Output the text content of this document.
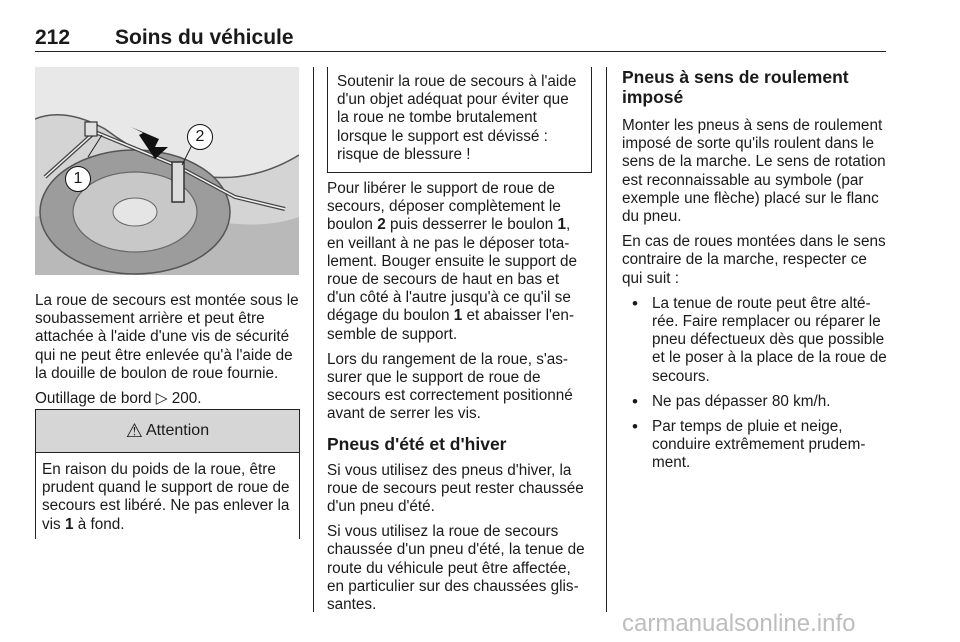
212 Soins du véhicule
1
2

La roue de secours est montée sous le soubassement arrière et peut être attachée à l'aide d'une vis de sécurité qui ne peut être enlevée qu'à l'aide de la douille de boulon de roue fournie.

Outillage de bord ▷ 200.

⚠ Attention
En raison du poids de la roue, être prudent quand le support de roue de secours est libéré. Ne pas enlever la vis 1 à fond.
Soutenir la roue de secours à l'aide d'un objet adéquat pour éviter que la roue ne tombe brutalement lorsque le support est dévissé : risque de blessure !

Pour libérer le support de roue de secours, déposer complètement le boulon 2 puis desserrer le boulon 1, en veillant à ne pas le déposer totalement. Bouger ensuite le support de roue de secours de haut en bas et d'un côté à l'autre jusqu'à ce qu'il se dégage du boulon 1 et abaisser l'ensemble de support.

Lors du rangement de la roue, s'assurer que le support de roue de secours est correctement positionné avant de serrer les vis.

Pneus d'été et d'hiver

Si vous utilisez des pneus d'hiver, la roue de secours peut rester chaussée d'un pneu d'été.

Si vous utilisez la roue de secours chaussée d'un pneu d'été, la tenue de route du véhicule peut être affectée, en particulier sur des chaussées glissantes.

Pneus à sens de roulement imposé

Monter les pneus à sens de roulement imposé de sorte qu'ils roulent dans le sens de la marche. Le sens de rotation est reconnaissable au symbole (par exemple une flèche) placé sur le flanc du pneu.

En cas de roues montées dans le sens contraire de la marche, respecter ce qui suit :

• La tenue de route peut être altérée. Faire remplacer ou réparer le pneu défectueux dès que possible et le poser à la place de la roue de secours.
• Ne pas dépasser 80 km/h.
• Par temps de pluie et neige, conduire extrêmement prudemment.
carmanualsonline.info
